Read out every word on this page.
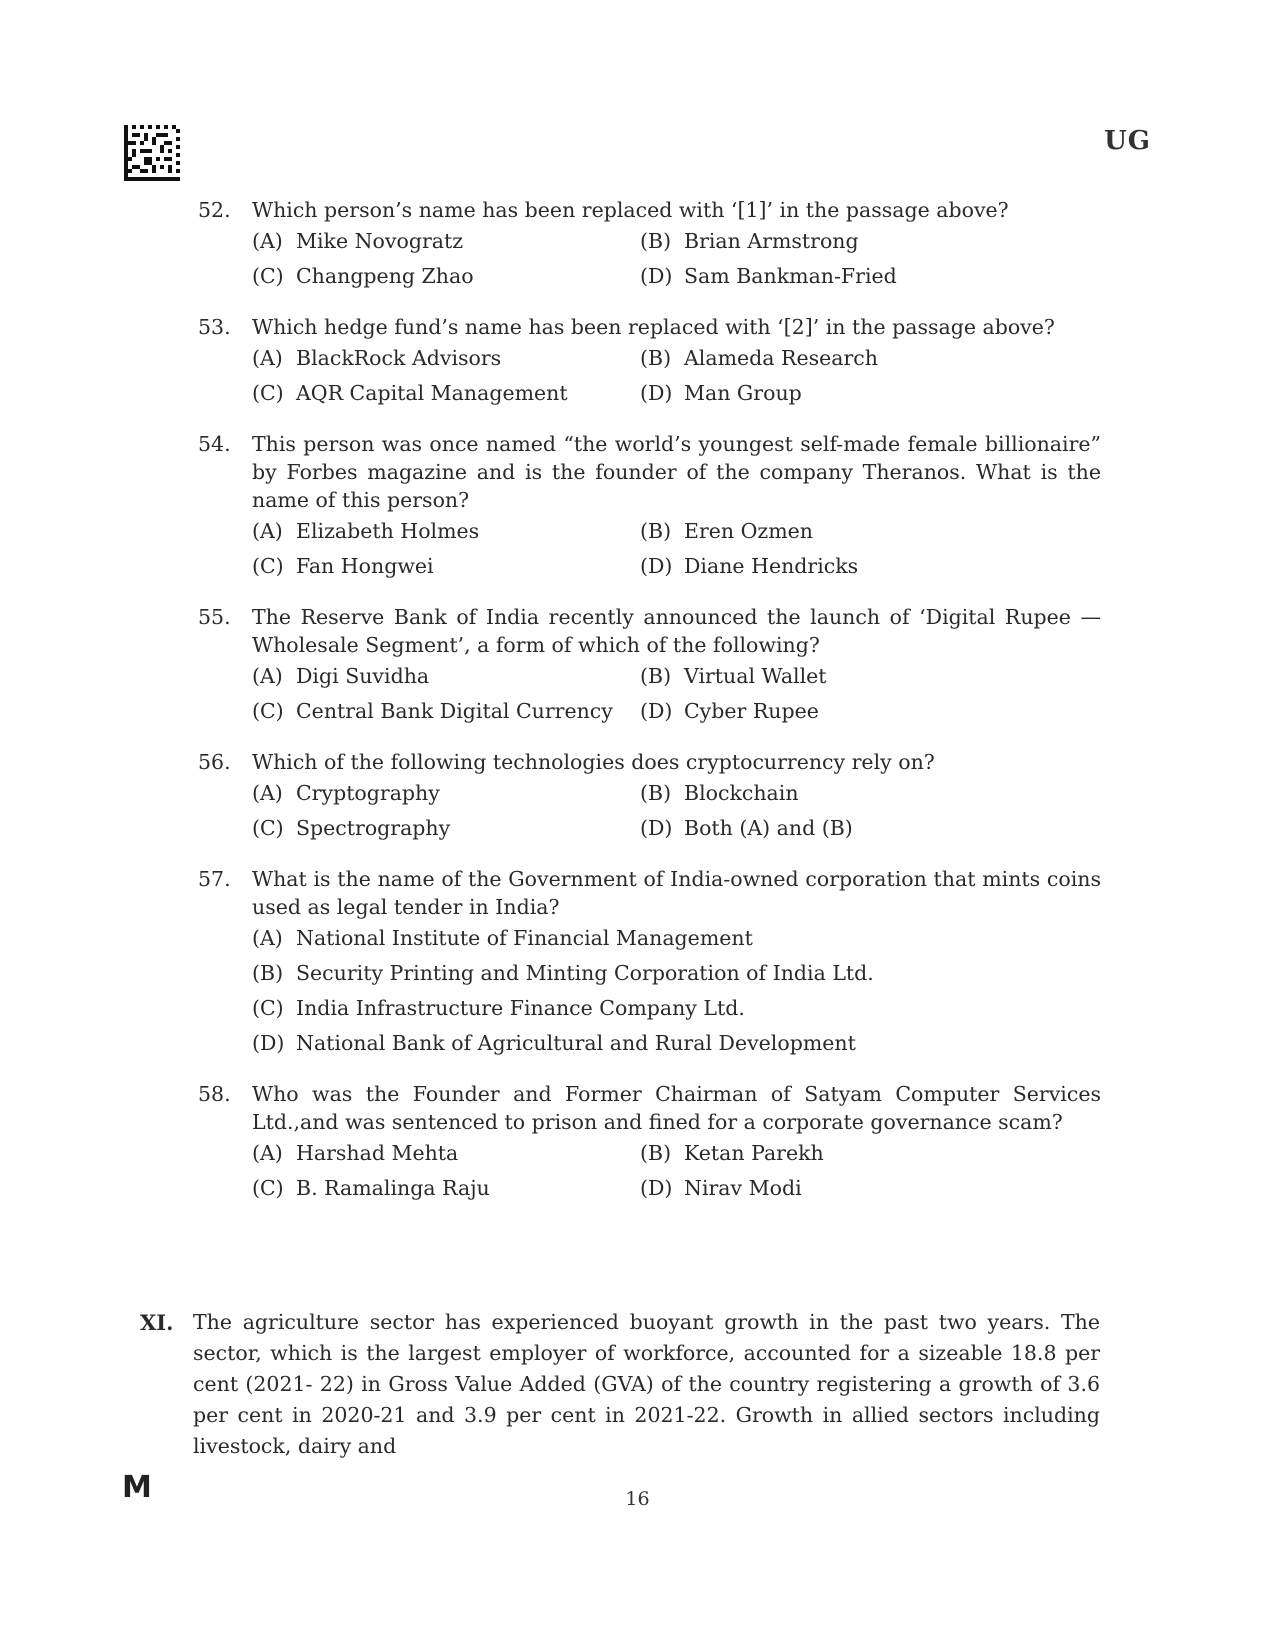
UG
52.	Which person’s name has been replaced with ‘[1]’ in the passage above?
(A) Mike Novogratz	(B) Brian Armstrong
(C) Changpeng Zhao	(D) Sam Bankman-Fried
53.	Which hedge fund’s name has been replaced with ‘[2]’ in the passage above?
(A) BlackRock Advisors	(B) Alameda Research
(C) AQR Capital Management	(D) Man Group
54.	This person was once named “the world’s youngest self-made female billionaire” by Forbes magazine and is the founder of the company Theranos. What is the name of this person?
(A) Elizabeth Holmes	(B) Eren Ozmen
(C) Fan Hongwei	(D) Diane Hendricks
55.	The Reserve Bank of India recently announced the launch of ‘Digital Rupee — Wholesale Segment’, a form of which of the following?
(A) Digi Suvidha	(B) Virtual Wallet
(C) Central Bank Digital Currency (D) Cyber Rupee
56.	Which of the following technologies does cryptocurrency rely on?
(A) Cryptography	(B) Blockchain
(C) Spectrography	(D) Both (A) and (B)
57.	What is the name of the Government of India-owned corporation that mints coins used as legal tender in India?
(A) National Institute of Financial Management
(B) Security Printing and Minting Corporation of India Ltd.
(C) India Infrastructure Finance Company Ltd.
(D) National Bank of Agricultural and Rural Development
58.	Who was the Founder and Former Chairman of Satyam Computer Services Ltd.,and was sentenced to prison and fined for a corporate governance scam?
(A) Harshad Mehta	(B) Ketan Parekh
(C) B. Ramalinga Raju	(D) Nirav Modi
XI. The agriculture sector has experienced buoyant growth in the past two years. The sector, which is the largest employer of workforce, accounted for a sizeable 18.8 per cent (2021- 22) in Gross Value Added (GVA) of the country registering a growth of 3.6 per cent in 2020-21 and 3.9 per cent in 2021-22. Growth in allied sectors including livestock, dairy and
M	16
